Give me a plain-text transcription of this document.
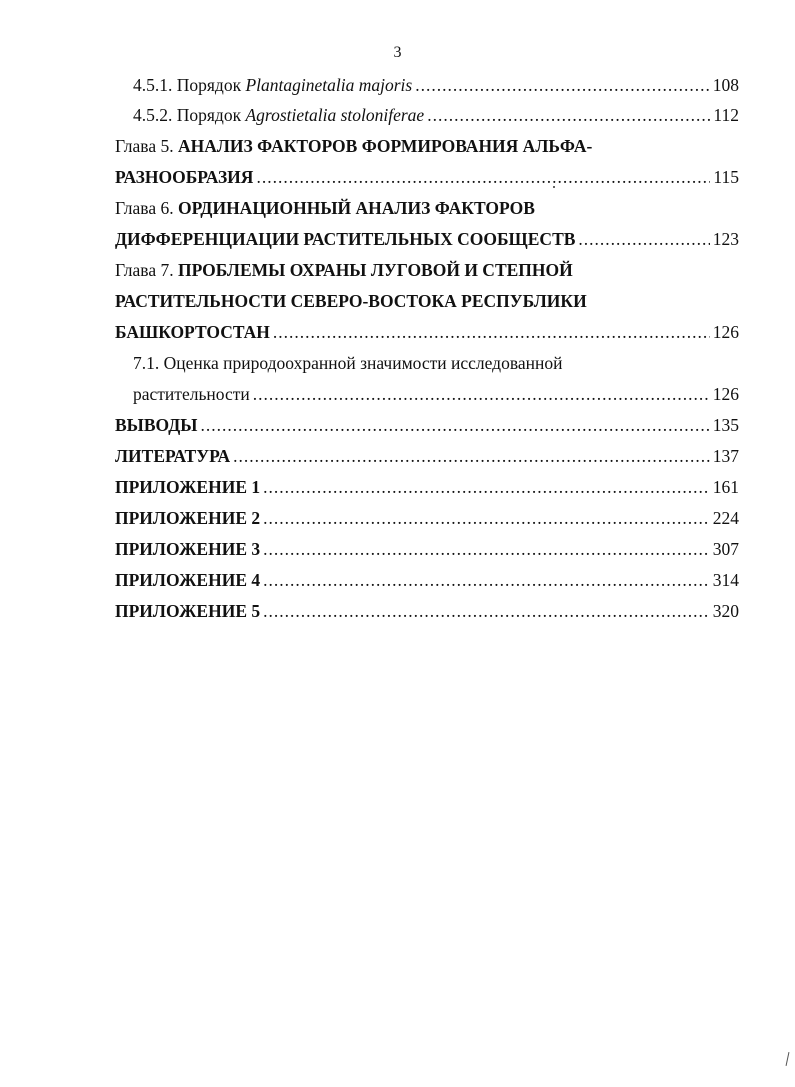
3
4.5.1. Порядок Plantaginetalia majoris .....	108
4.5.2. Порядок Agrostietalia stoloniferae .....	112
Глава 5. АНАЛИЗ ФАКТОРОВ ФОРМИРОВАНИЯ АЛЬФА-
РАЗНООБРАЗИЯ .....	115
Глава 6. ОРДИНАЦИОННЫЙ АНАЛИЗ ФАКТОРОВ
ДИФФЕРЕНЦИАЦИИ РАСТИТЕЛЬНЫХ СООБЩЕСТВ .....	123
Глава 7. ПРОБЛЕМЫ ОХРАНЫ ЛУГОВОЙ И СТЕПНОЙ
РАСТИТЕЛЬНОСТИ СЕВЕРО-ВОСТОКА РЕСПУБЛИКИ
БАШКОРТОСТАН .....	126
7.1. Оценка природоохранной значимости исследованной
растительности .....	126
ВЫВОДЫ .....	135
ЛИТЕРАТУРА .....	137
ПРИЛОЖЕНИЕ 1 .....	161
ПРИЛОЖЕНИЕ 2 .....	224
ПРИЛОЖЕНИЕ 3 .....	307
ПРИЛОЖЕНИЕ 4 .....	314
ПРИЛОЖЕНИЕ 5 .....	320
